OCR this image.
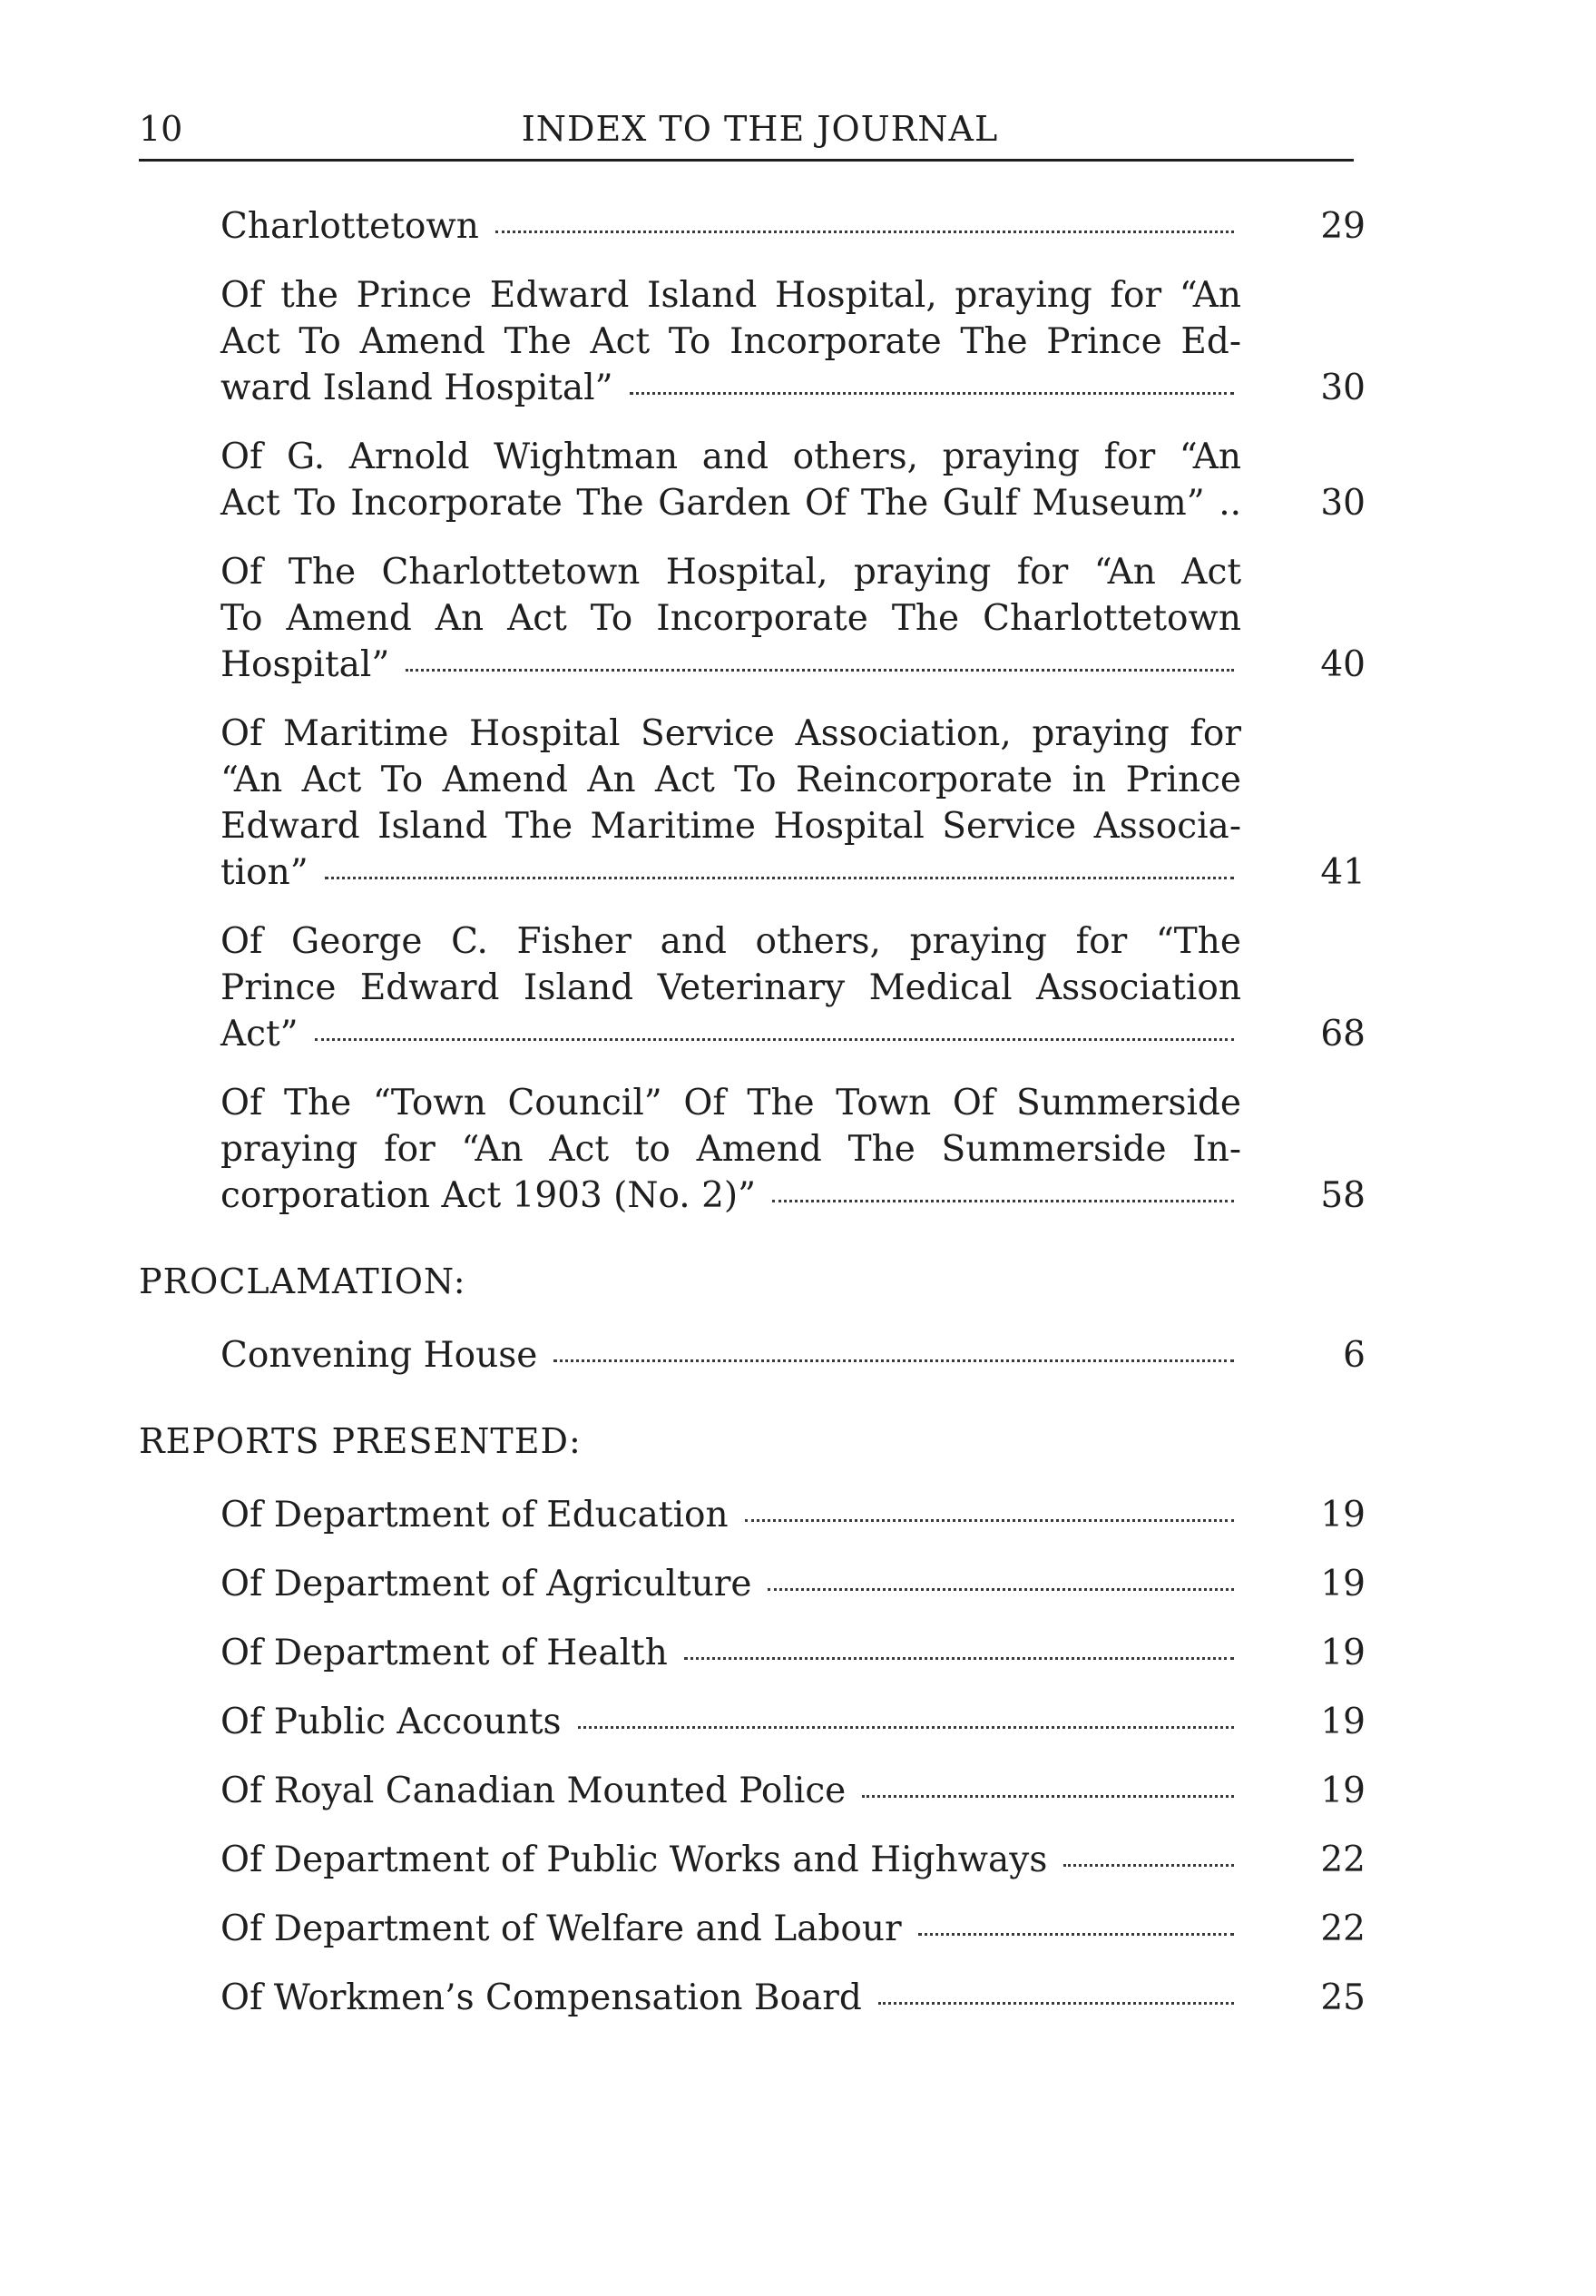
10	INDEX TO THE JOURNAL
Charlottetown	29
Of the Prince Edward Island Hospital, praying for “An
Act To Amend The Act To Incorporate The Prince Ed-
ward Island Hospital”	30
Of G. Arnold Wightman and others, praying for “An
Act To Incorporate The Garden Of The Gulf Museum” ..	30
Of The Charlottetown Hospital, praying for “An Act
To Amend An Act To Incorporate The Charlottetown
Hospital”	40
Of Maritime Hospital Service Association, praying for
“An Act To Amend An Act To Reincorporate in Prince
Edward Island The Maritime Hospital Service Associa-
tion”	41
Of George C. Fisher and others, praying for “The
Prince Edward Island Veterinary Medical Association
Act”	68
Of The “Town Council” Of The Town Of Summerside
praying for “An Act to Amend The Summerside In-
corporation Act 1903 (No. 2)”	58
PROCLAMATION:
Convening House	6
REPORTS PRESENTED:
Of Department of Education	19
Of Department of Agriculture	19
Of Department of Health	19
Of Public Accounts	19
Of Royal Canadian Mounted Police	19
Of Department of Public Works and Highways	22
Of Department of Welfare and Labour	22
Of Workmen’s Compensation Board	25
